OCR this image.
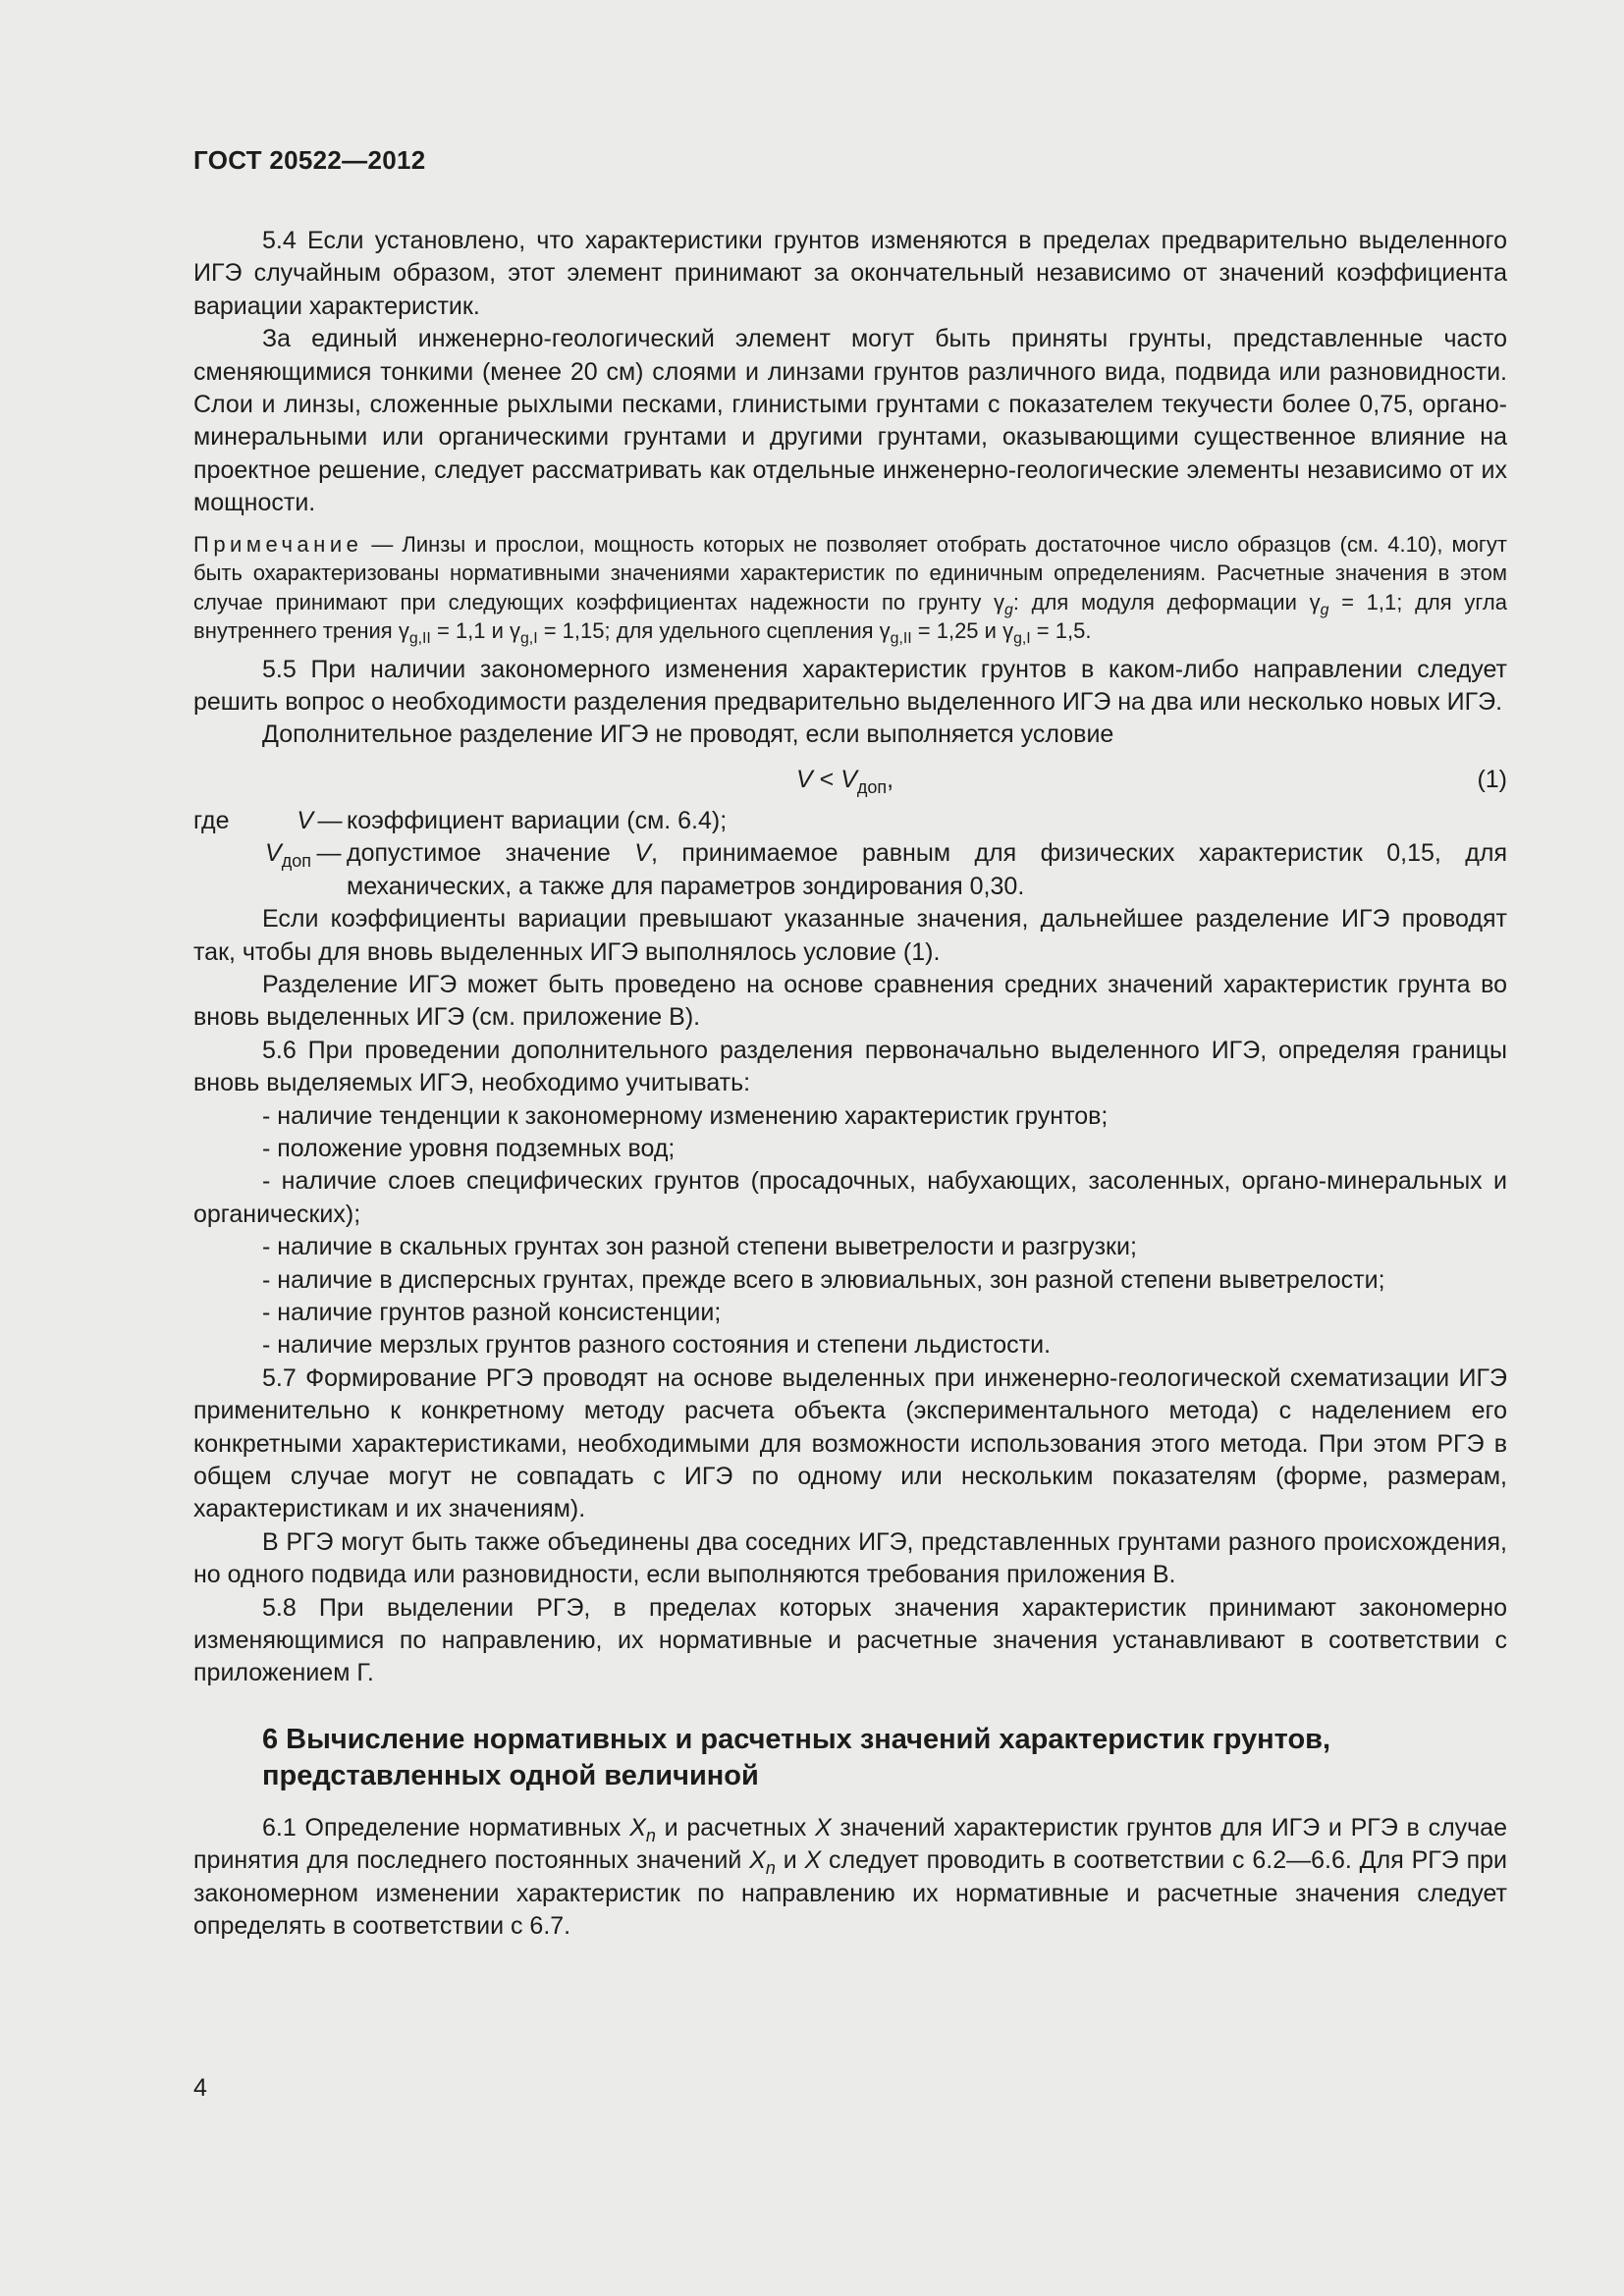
ГОСТ 20522—2012

5.4 Если установлено, что характеристики грунтов изменяются в пределах предварительно выделенного ИГЭ случайным образом, этот элемент принимают за окончательный независимо от значений коэффициента вариации характеристик.

За единый инженерно-геологический элемент могут быть приняты грунты, представленные часто сменяющимися тонкими (менее 20 см) слоями и линзами грунтов различного вида, подвида или разновидности. Слои и линзы, сложенные рыхлыми песками, глинистыми грунтами с показателем текучести более 0,75, органо-минеральными или органическими грунтами и другими грунтами, оказывающими существенное влияние на проектное решение, следует рассматривать как отдельные инженерно-геологические элементы независимо от их мощности.

Примечание — Линзы и прослои, мощность которых не позволяет отобрать достаточное число образцов (см. 4.10), могут быть охарактеризованы нормативными значениями характеристик по единичным определениям. Расчетные значения в этом случае принимают при следующих коэффициентах надежности по грунту $\gamma_g$: для модуля деформации $\gamma_g = 1,1$; для угла внутреннего трения $\gamma_{g,II} = 1,1$ и $\gamma_{g,I} = 1,15$; для удельного сцепления $\gamma_{g,II} = 1,25$ и $\gamma_{g,I} = 1,5$.

5.5 При наличии закономерного изменения характеристик грунтов в каком-либо направлении следует решить вопрос о необходимости разделения предварительно выделенного ИГЭ на два или несколько новых ИГЭ.

Дополнительное разделение ИГЭ не проводят, если выполняется условие

$V < V_{доп}$,	(1)
где	V — коэффициент вариации (см. 6.4);
$V_{доп}$ — допустимое значение V, принимаемое равным для физических характеристик 0,15, для механических, а также для параметров зондирования 0,30.

Если коэффициенты вариации превышают указанные значения, дальнейшее разделение ИГЭ проводят так, чтобы для вновь выделенных ИГЭ выполнялось условие (1).

Разделение ИГЭ может быть проведено на основе сравнения средних значений характеристик грунта во вновь выделенных ИГЭ (см. приложение В).

5.6 При проведении дополнительного разделения первоначально выделенного ИГЭ, определяя границы вновь выделяемых ИГЭ, необходимо учитывать:

- наличие тенденции к закономерному изменению характеристик грунтов;

- положение уровня подземных вод;

- наличие слоев специфических грунтов (просадочных, набухающих, засоленных, органо-минеральных и органических);

- наличие в скальных грунтах зон разной степени выветрелости и разгрузки;

- наличие в дисперсных грунтах, прежде всего в элювиальных, зон разной степени выветрелости;

- наличие грунтов разной консистенции;

- наличие мерзлых грунтов разного состояния и степени льдистости.

5.7 Формирование РГЭ проводят на основе выделенных при инженерно-геологической схематизации ИГЭ применительно к конкретному методу расчета объекта (экспериментального метода) с наделением его конкретными характеристиками, необходимыми для возможности использования этого метода. При этом РГЭ в общем случае могут не совпадать с ИГЭ по одному или нескольким показателям (форме, размерам, характеристикам и их значениям).

В РГЭ могут быть также объединены два соседних ИГЭ, представленных грунтами разного происхождения, но одного подвида или разновидности, если выполняются требования приложения В.

5.8 При выделении РГЭ, в пределах которых значения характеристик принимают закономерно изменяющимися по направлению, их нормативные и расчетные значения устанавливают в соответствии с приложением Г.

6 Вычисление нормативных и расчетных значений характеристик грунтов, представленных одной величиной

6.1 Определение нормативных $X_n$ и расчетных X значений характеристик грунтов для ИГЭ и РГЭ в случае принятия для последнего постоянных значений $X_n$ и X следует проводить в соответствии с 6.2—6.6. Для РГЭ при закономерном изменении характеристик по направлению их нормативные и расчетные значения следует определять в соответствии с 6.7.

4
